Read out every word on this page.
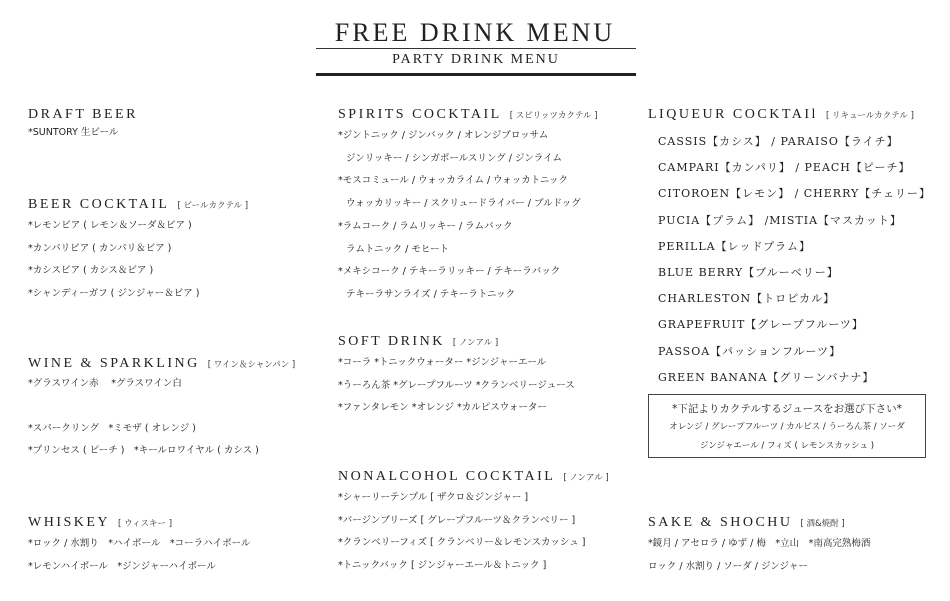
FREE DRINK MENU
PARTY DRINK MENU
DRAFT BEER
*SUNTORY 生ビール
BEER COCKTAIL [ ビールカクテル ]
*レモンビア ( レモン＆ソーダ＆ビア )
*カンパリビア ( カンパリ＆ビア )
*カシスビア ( カシス＆ビア )
*シャンディーガフ ( ジンジャー＆ビア )
WINE & SPARKLING [ ワイン＆シャンパン ]
*グラスワイン赤　 *グラスワイン白
*スパークリング　*ミモザ ( オレンジ )
*プリンセス ( ピーチ )　*キールロワイヤル ( カシス )
WHISKEY [ ウィスキー ]
*ロック / 水割り　*ハイボール　*コーラハイボール
*レモンハイボール　*ジンジャーハイボール
SPIRITS COCKTAIL [ スピリッツカクテル ]
*ジントニック / ジンバック / オレンジブロッサム
ジンリッキー / シンガポールスリング / ジンライム
*モスコミュール / ウォッカライム / ウォッカトニック
ウォッカリッキー / スクリュードライバー / ブルドッグ
*ラムコーク / ラムリッキー / ラムバック
ラムトニック / モヒート
*メキシコーク / テキーラリッキー / テキーラバック
テキーラサンライズ / テキーラトニック
SOFT DRINK [ ノンアル ]
*コーラ *トニックウォーター *ジンジャーエール
*うーろん茶 *グレープフルーツ *クランベリージュース
*ファンタレモン *オレンジ *カルピスウォーター
NONALCOHOL COCKTAIL [ ノンアル ]
*シャーリーテンプル [ ザクロ＆ジンジャー ]
*バージンブリーズ [ グレープフルーツ＆クランベリー ]
*クランベリーフィズ [ クランベリー＆レモンスカッシュ ]
*トニックバック [ ジンジャーエール＆トニック ]
LIQUEUR COCKTAIl [ リキュールカクテル ]
CASSIS【カシス】 / PARAISO【ライチ】
CAMPARI【カンパリ】 / PEACH【ピーチ】
CITOROEN【レモン】 / CHERRY【チェリー】
PUCIA【プラム】 /MISTIA【マスカット】
PERILLA【レッドプラム】
BLUE BERRY【ブルーベリー】
CHARLESTON【トロピカル】
GRAPEFRUIT【グレープフルーツ】
PASSOA【パッションフルーツ】
GREEN BANANA【グリーンバナナ】
*下記よりカクテルするジュースをお選び下さい*
オレンジ / グレープフルーツ / カルピス / うーろん茶 / ソーダ
ジンジャエール / フィズ ( レモンスカッシュ )
SAKE & SHOCHU [ 酒&焼酎 ]
*鏡月 / アセロラ / ゆず / 梅　*立山　*南高完熟梅酒
ロック / 水割り / ソーダ / ジンジャー
